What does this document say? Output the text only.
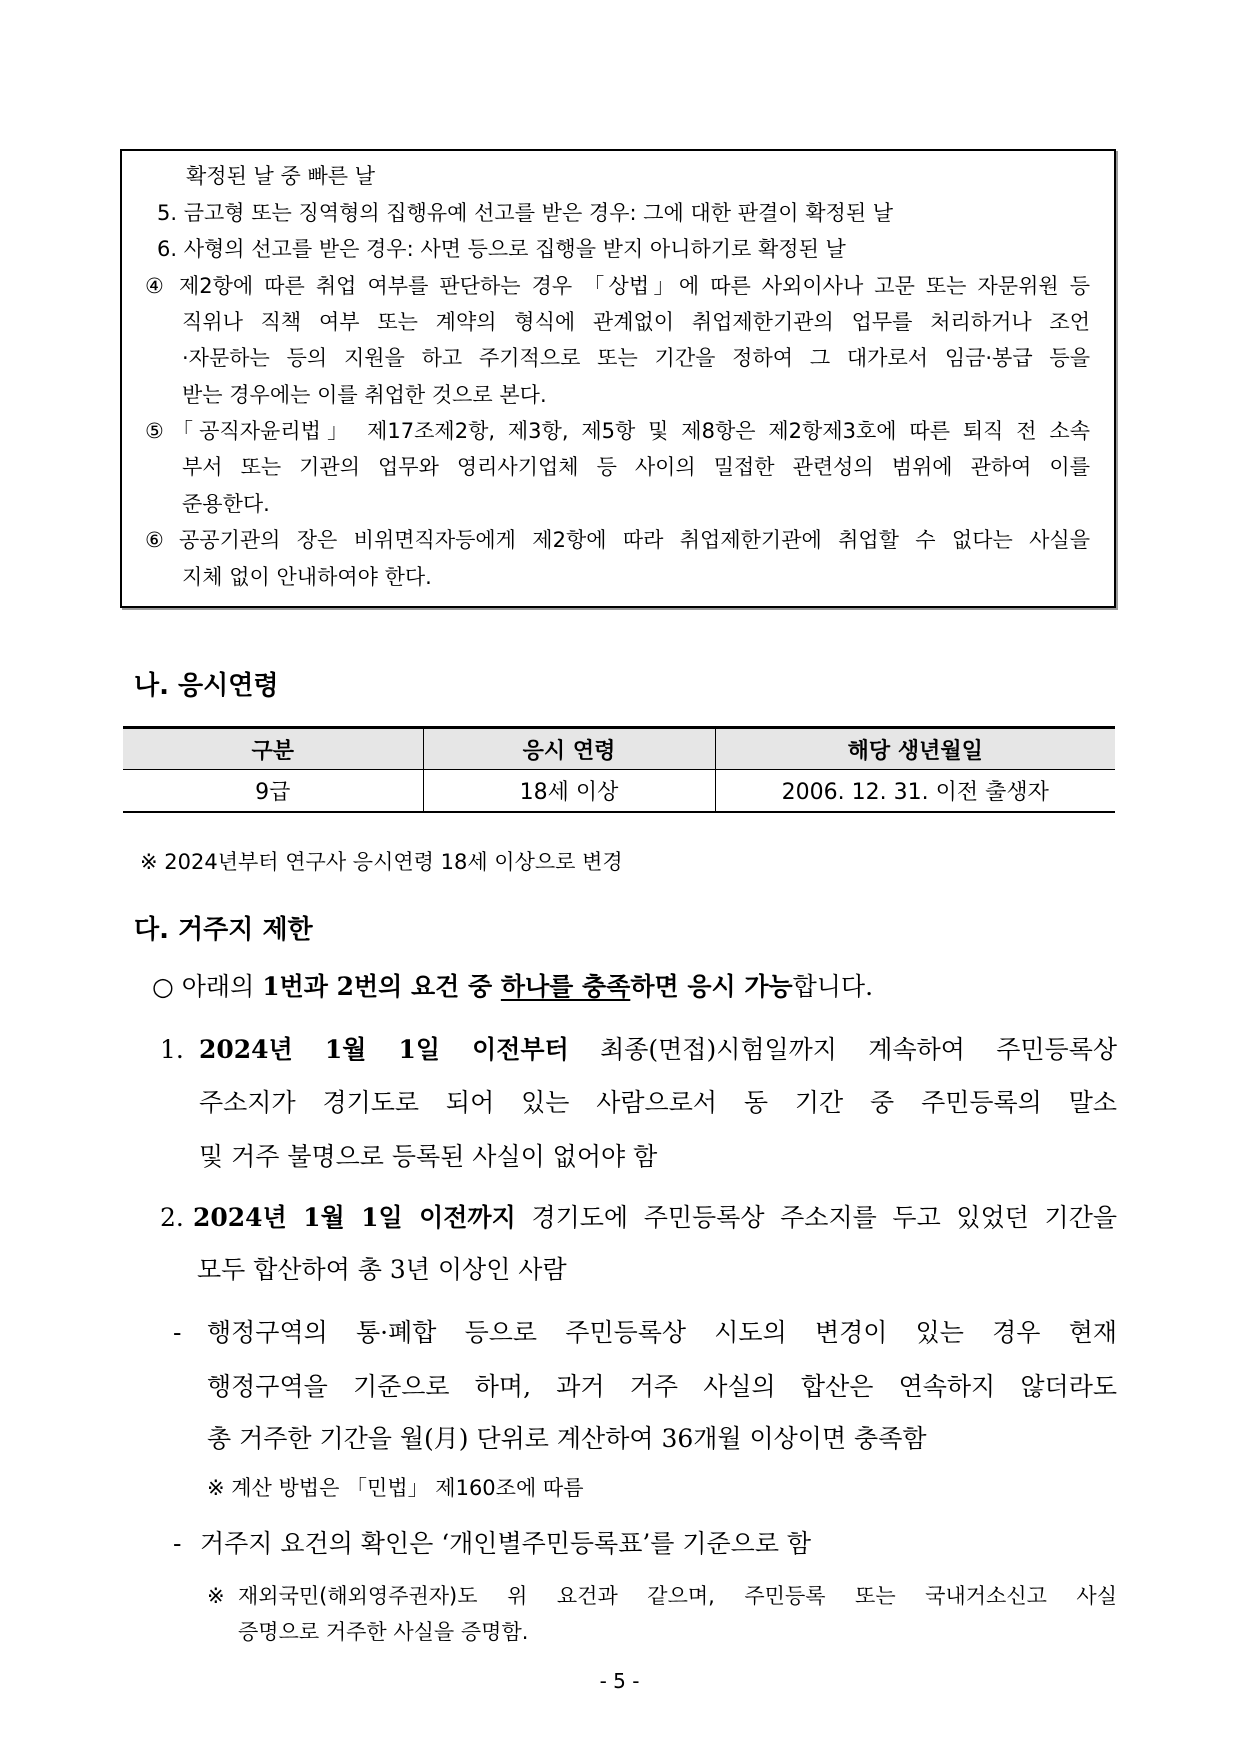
확정된 날 중 빠른 날
5. 금고형 또는 징역형의 집행유예 선고를 받은 경우: 그에 대한 판결이 확정된 날
6. 사형의 선고를 받은 경우: 사면 등으로 집행을 받지 아니하기로 확정된 날
④ 제2항에 따른 취업 여부를 판단하는 경우 「상법」에 따른 사외이사나 고문 또는 자문위원 등
직위나 직책 여부 또는 계약의 형식에 관계없이 취업제한기관의 업무를 처리하거나 조언
·자문하는 등의 지원을 하고 주기적으로 또는 기간을 정하여 그 대가로서 임금·봉급 등을
받는 경우에는 이를 취업한 것으로 본다.
⑤ 「공직자윤리법」 제17조제2항, 제3항, 제5항 및 제8항은 제2항제3호에 따른 퇴직 전 소속
부서 또는 기관의 업무와 영리사기업체 등 사이의 밀접한 관련성의 범위에 관하여 이를
준용한다.
⑥ 공공기관의 장은 비위면직자등에게 제2항에 따라 취업제한기관에 취업할 수 없다는 사실을
지체 없이 안내하여야 한다.
나. 응시연령
구분	응시 연령	해당 생년월일
9급	18세 이상	2006. 12. 31. 이전 출생자
※ 2024년부터 연구사 응시연령 18세 이상으로 변경
다. 거주지 제한
○ 아래의 1번과 2번의 요건 중 하나를 충족하면 응시 가능합니다.
1. 2024년 1월 1일 이전부터 최종(면접)시험일까지 계속하여 주민등록상
주소지가 경기도로 되어 있는 사람으로서 동 기간 중 주민등록의 말소
및 거주 불명으로 등록된 사실이 없어야 함
2. 2024년 1월 1일 이전까지 경기도에 주민등록상 주소지를 두고 있었던 기간을
모두 합산하여 총 3년 이상인 사람
- 행정구역의 통·폐합 등으로 주민등록상 시도의 변경이 있는 경우 현재
행정구역을 기준으로 하며, 과거 거주 사실의 합산은 연속하지 않더라도
총 거주한 기간을 월(月) 단위로 계산하여 36개월 이상이면 충족함
※ 계산 방법은 「민법」 제160조에 따름
- 거주지 요건의 확인은 ‘개인별주민등록표’를 기준으로 함
※ 재외국민(해외영주권자)도 위 요건과 같으며, 주민등록 또는 국내거소신고 사실
증명으로 거주한 사실을 증명함.
- 5 -
